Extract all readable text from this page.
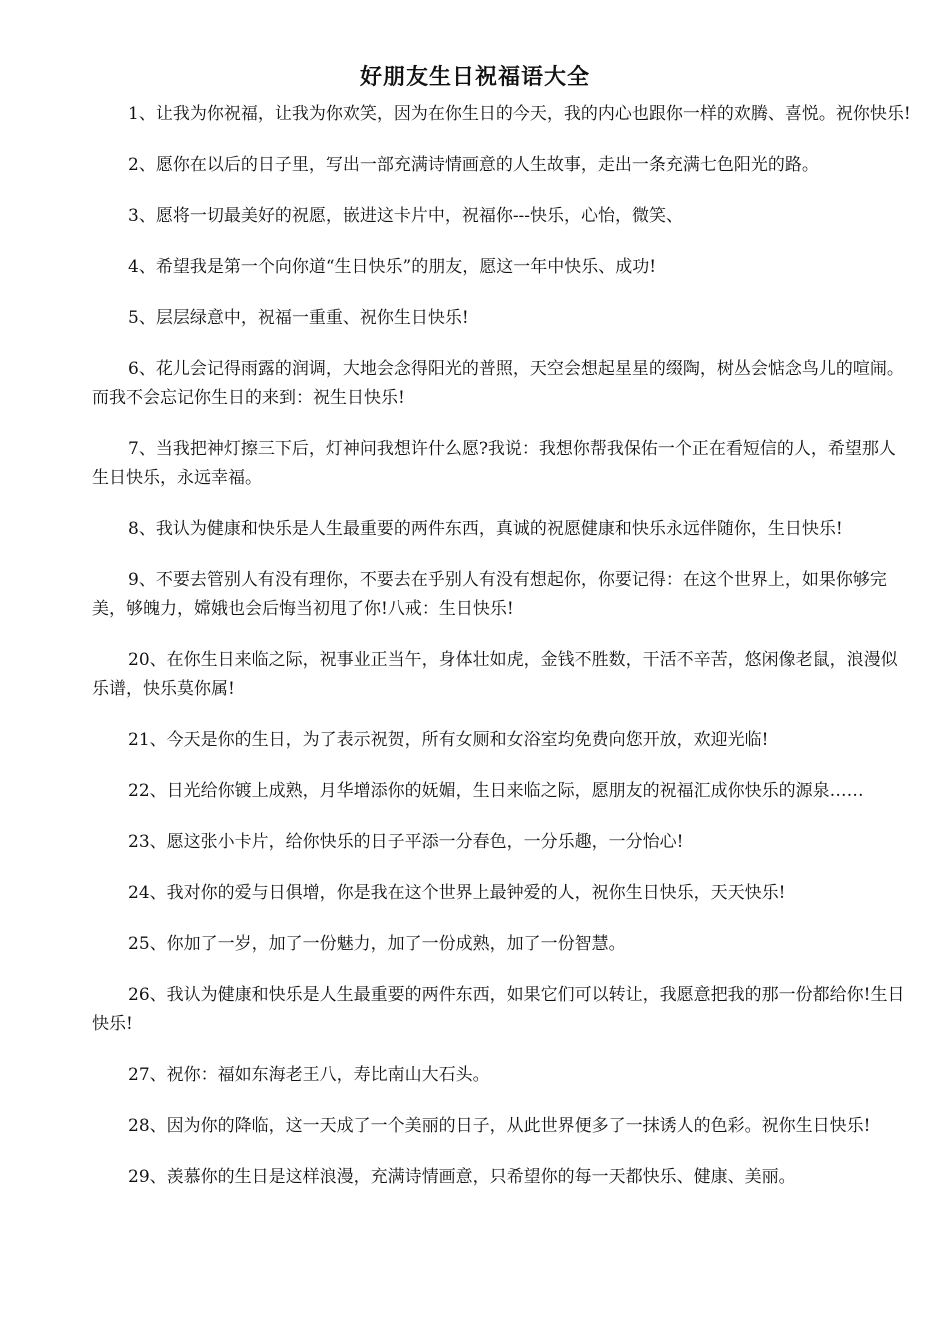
好朋友生日祝福语大全

1、让我为你祝福，让我为你欢笑，因为在你生日的今天，我的内心也跟你一样的欢腾、喜悦。祝你快乐!

2、愿你在以后的日子里，写出一部充满诗情画意的人生故事，走出一条充满七色阳光的路。

3、愿将一切最美好的祝愿，嵌进这卡片中，祝福你---快乐，心怡，微笑、

4、希望我是第一个向你道“生日快乐”的朋友，愿这一年中快乐、成功!

5、层层绿意中，祝福一重重、祝你生日快乐!

6、花儿会记得雨露的润调，大地会念得阳光的普照，天空会想起星星的缀陶，树丛会惦念鸟儿的喧闹。而我不会忘记你生日的来到：祝生日快乐!

7、当我把神灯擦三下后，灯神问我想许什么愿?我说：我想你帮我保佑一个正在看短信的人，希望那人生日快乐，永远幸福。

8、我认为健康和快乐是人生最重要的两件东西，真诚的祝愿健康和快乐永远伴随你，生日快乐!

9、不要去管别人有没有理你，不要去在乎别人有没有想起你，你要记得：在这个世界上，如果你够完美，够魄力，嫦娥也会后悔当初甩了你!八戒：生日快乐!

20、在你生日来临之际，祝事业正当午，身体壮如虎，金钱不胜数，干活不辛苦，悠闲像老鼠，浪漫似乐谱，快乐莫你属!

21、今天是你的生日，为了表示祝贺，所有女厕和女浴室均免费向您开放，欢迎光临!

22、日光给你镀上成熟，月华增添你的妩媚，生日来临之际，愿朋友的祝福汇成你快乐的源泉……

23、愿这张小卡片，给你快乐的日子平添一分春色，一分乐趣，一分怡心!

24、我对你的爱与日俱增，你是我在这个世界上最钟爱的人，祝你生日快乐，天天快乐!

25、你加了一岁，加了一份魅力，加了一份成熟，加了一份智慧。

26、我认为健康和快乐是人生最重要的两件东西，如果它们可以转让，我愿意把我的那一份都给你!生日快乐!

27、祝你：福如东海老王八，寿比南山大石头。

28、因为你的降临，这一天成了一个美丽的日子，从此世界便多了一抹诱人的色彩。祝你生日快乐!

29、羡慕你的生日是这样浪漫，充满诗情画意，只希望你的每一天都快乐、健康、美丽。
